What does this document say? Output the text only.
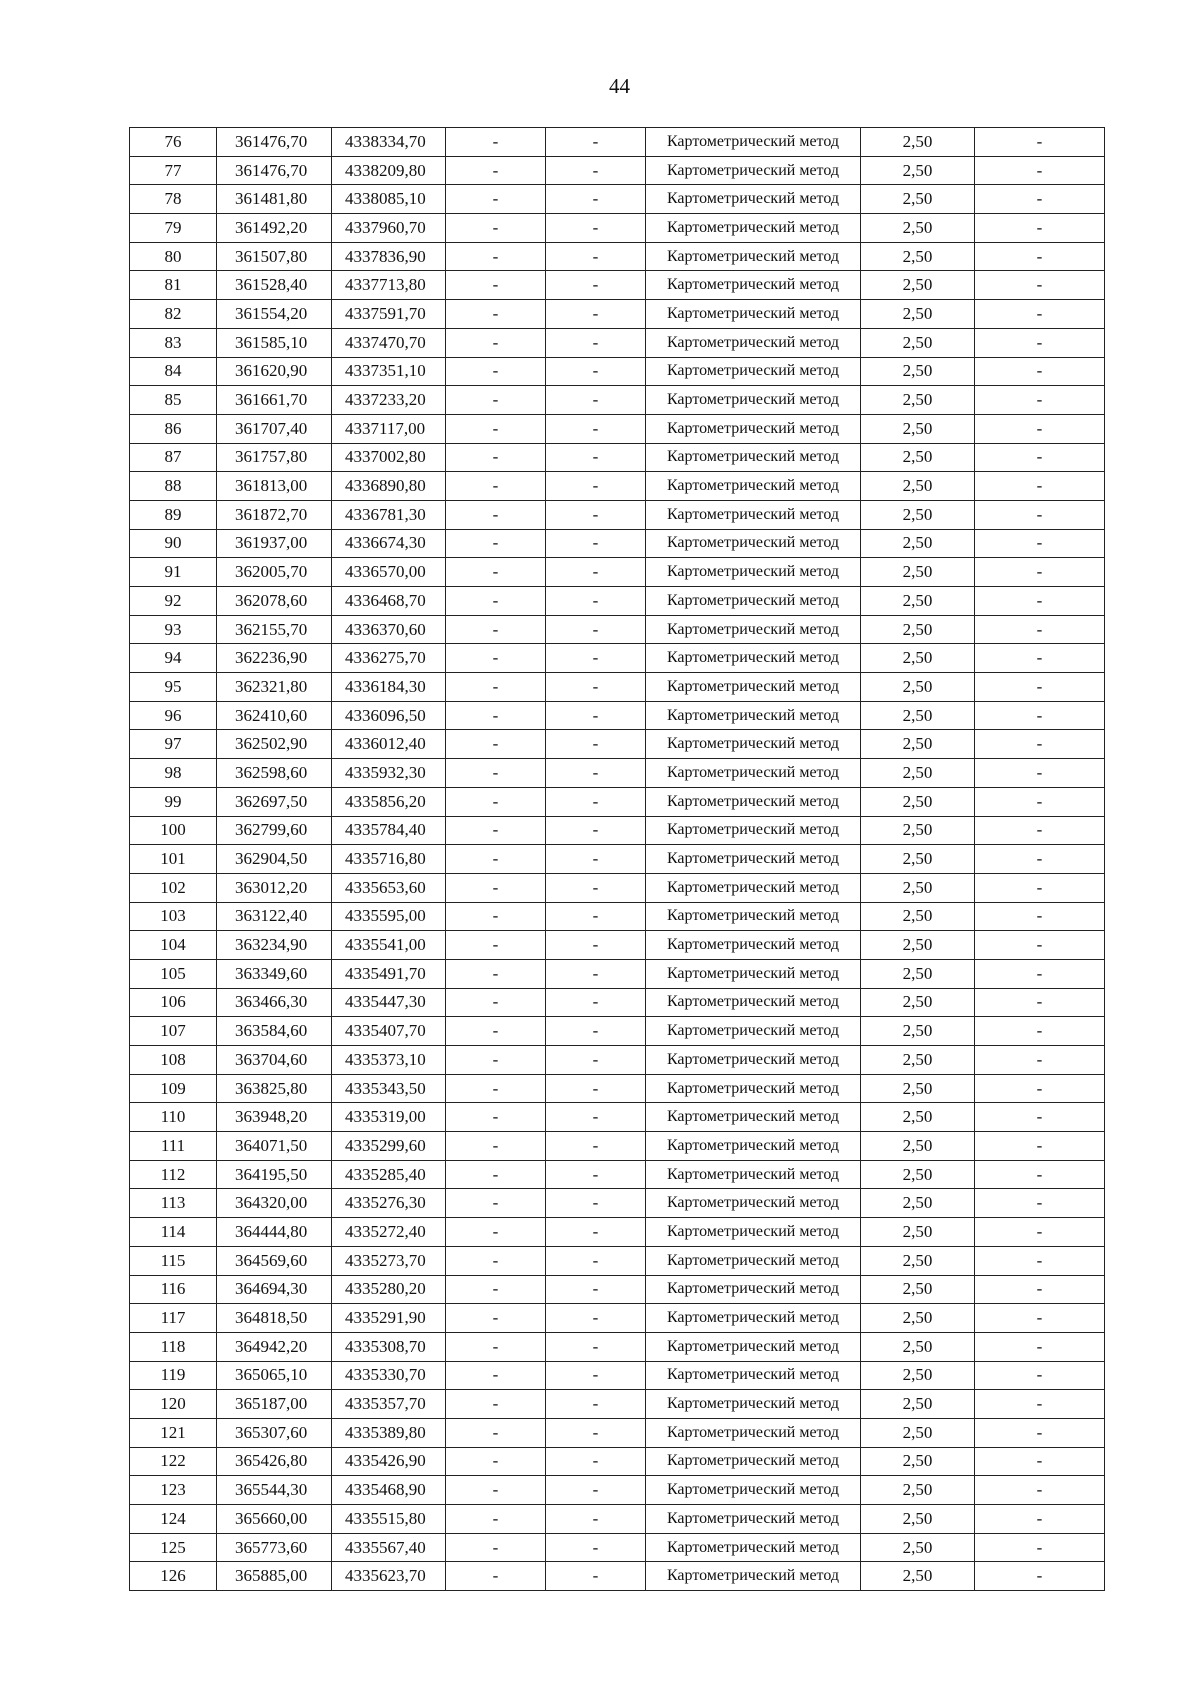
44
76	361476,70	4338334,70	-	-	Картометрический метод	2,50	-
77	361476,70	4338209,80	-	-	Картометрический метод	2,50	-
78	361481,80	4338085,10	-	-	Картометрический метод	2,50	-
79	361492,20	4337960,70	-	-	Картометрический метод	2,50	-
80	361507,80	4337836,90	-	-	Картометрический метод	2,50	-
81	361528,40	4337713,80	-	-	Картометрический метод	2,50	-
82	361554,20	4337591,70	-	-	Картометрический метод	2,50	-
83	361585,10	4337470,70	-	-	Картометрический метод	2,50	-
84	361620,90	4337351,10	-	-	Картометрический метод	2,50	-
85	361661,70	4337233,20	-	-	Картометрический метод	2,50	-
86	361707,40	4337117,00	-	-	Картометрический метод	2,50	-
87	361757,80	4337002,80	-	-	Картометрический метод	2,50	-
88	361813,00	4336890,80	-	-	Картометрический метод	2,50	-
89	361872,70	4336781,30	-	-	Картометрический метод	2,50	-
90	361937,00	4336674,30	-	-	Картометрический метод	2,50	-
91	362005,70	4336570,00	-	-	Картометрический метод	2,50	-
92	362078,60	4336468,70	-	-	Картометрический метод	2,50	-
93	362155,70	4336370,60	-	-	Картометрический метод	2,50	-
94	362236,90	4336275,70	-	-	Картометрический метод	2,50	-
95	362321,80	4336184,30	-	-	Картометрический метод	2,50	-
96	362410,60	4336096,50	-	-	Картометрический метод	2,50	-
97	362502,90	4336012,40	-	-	Картометрический метод	2,50	-
98	362598,60	4335932,30	-	-	Картометрический метод	2,50	-
99	362697,50	4335856,20	-	-	Картометрический метод	2,50	-
100	362799,60	4335784,40	-	-	Картометрический метод	2,50	-
101	362904,50	4335716,80	-	-	Картометрический метод	2,50	-
102	363012,20	4335653,60	-	-	Картометрический метод	2,50	-
103	363122,40	4335595,00	-	-	Картометрический метод	2,50	-
104	363234,90	4335541,00	-	-	Картометрический метод	2,50	-
105	363349,60	4335491,70	-	-	Картометрический метод	2,50	-
106	363466,30	4335447,30	-	-	Картометрический метод	2,50	-
107	363584,60	4335407,70	-	-	Картометрический метод	2,50	-
108	363704,60	4335373,10	-	-	Картометрический метод	2,50	-
109	363825,80	4335343,50	-	-	Картометрический метод	2,50	-
110	363948,20	4335319,00	-	-	Картометрический метод	2,50	-
111	364071,50	4335299,60	-	-	Картометрический метод	2,50	-
112	364195,50	4335285,40	-	-	Картометрический метод	2,50	-
113	364320,00	4335276,30	-	-	Картометрический метод	2,50	-
114	364444,80	4335272,40	-	-	Картометрический метод	2,50	-
115	364569,60	4335273,70	-	-	Картометрический метод	2,50	-
116	364694,30	4335280,20	-	-	Картометрический метод	2,50	-
117	364818,50	4335291,90	-	-	Картометрический метод	2,50	-
118	364942,20	4335308,70	-	-	Картометрический метод	2,50	-
119	365065,10	4335330,70	-	-	Картометрический метод	2,50	-
120	365187,00	4335357,70	-	-	Картометрический метод	2,50	-
121	365307,60	4335389,80	-	-	Картометрический метод	2,50	-
122	365426,80	4335426,90	-	-	Картометрический метод	2,50	-
123	365544,30	4335468,90	-	-	Картометрический метод	2,50	-
124	365660,00	4335515,80	-	-	Картометрический метод	2,50	-
125	365773,60	4335567,40	-	-	Картометрический метод	2,50	-
126	365885,00	4335623,70	-	-	Картометрический метод	2,50	-
